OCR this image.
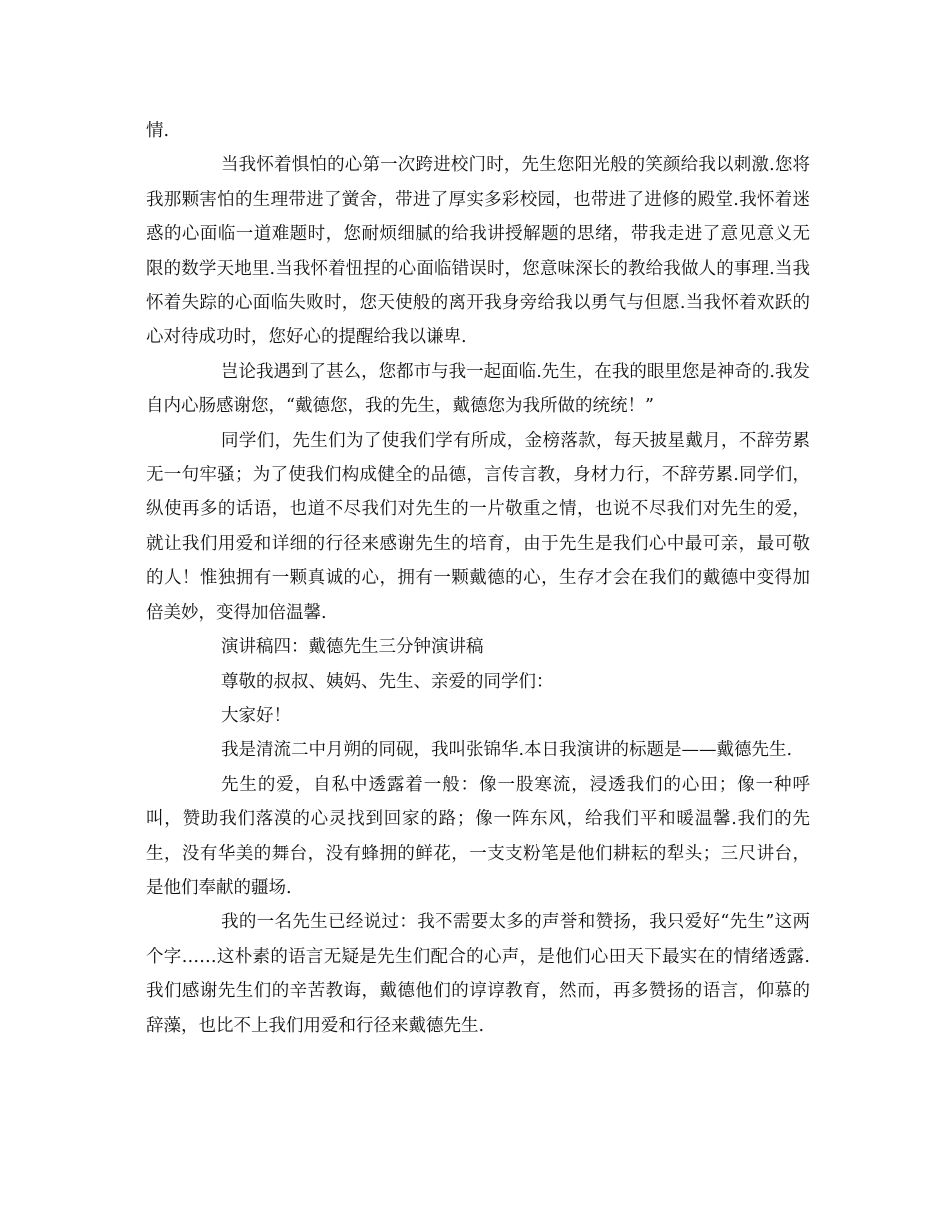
情.

当我怀着惧怕的心第一次跨进校门时，先生您阳光般的笑颜给我以刺激.您将我那颗害怕的生理带进了黉舍，带进了厚实多彩校园，也带进了进修的殿堂.我怀着迷惑的心面临一道难题时，您耐烦细腻的给我讲授解题的思绪，带我走进了意见意义无限的数学天地里.当我怀着忸捏的心面临错误时，您意味深长的教给我做人的事理.当我怀着失踪的心面临失败时，您天使般的离开我身旁给我以勇气与但愿.当我怀着欢跃的心对待成功时，您好心的提醒给我以谦卑.

岂论我遇到了甚么，您都市与我一起面临.先生，在我的眼里您是神奇的.我发自内心肠感谢您，“戴德您，我的先生，戴德您为我所做的统统！”

同学们，先生们为了使我们学有所成，金榜落款，每天披星戴月，不辞劳累无一句牢骚；为了使我们构成健全的品德，言传言教，身材力行，不辞劳累.同学们，纵使再多的话语，也道不尽我们对先生的一片敬重之情，也说不尽我们对先生的爱，就让我们用爱和详细的行径来感谢先生的培育，由于先生是我们心中最可亲，最可敬的人！惟独拥有一颗真诚的心，拥有一颗戴德的心，生存才会在我们的戴德中变得加倍美妙，变得加倍温馨.

演讲稿四：戴德先生三分钟演讲稿

尊敬的叔叔、姨妈、先生、亲爱的同学们：

大家好！

我是清流二中月朔的同砚，我叫张锦华.本日我演讲的标题是——戴德先生.

先生的爱，自私中透露着一般：像一股寒流，浸透我们的心田；像一种呼叫，赞助我们落漠的心灵找到回家的路；像一阵东风，给我们平和暖温馨.我们的先生，没有华美的舞台，没有蜂拥的鲜花，一支支粉笔是他们耕耘的犁头；三尺讲台，是他们奉献的疆场.

我的一名先生已经说过：我不需要太多的声誉和赞扬，我只爱好“先生”这两个字……这朴素的语言无疑是先生们配合的心声，是他们心田天下最实在的情绪透露.我们感谢先生们的辛苦教诲，戴德他们的谆谆教育，然而，再多赞扬的语言，仰慕的辞藻，也比不上我们用爱和行径来戴德先生.
